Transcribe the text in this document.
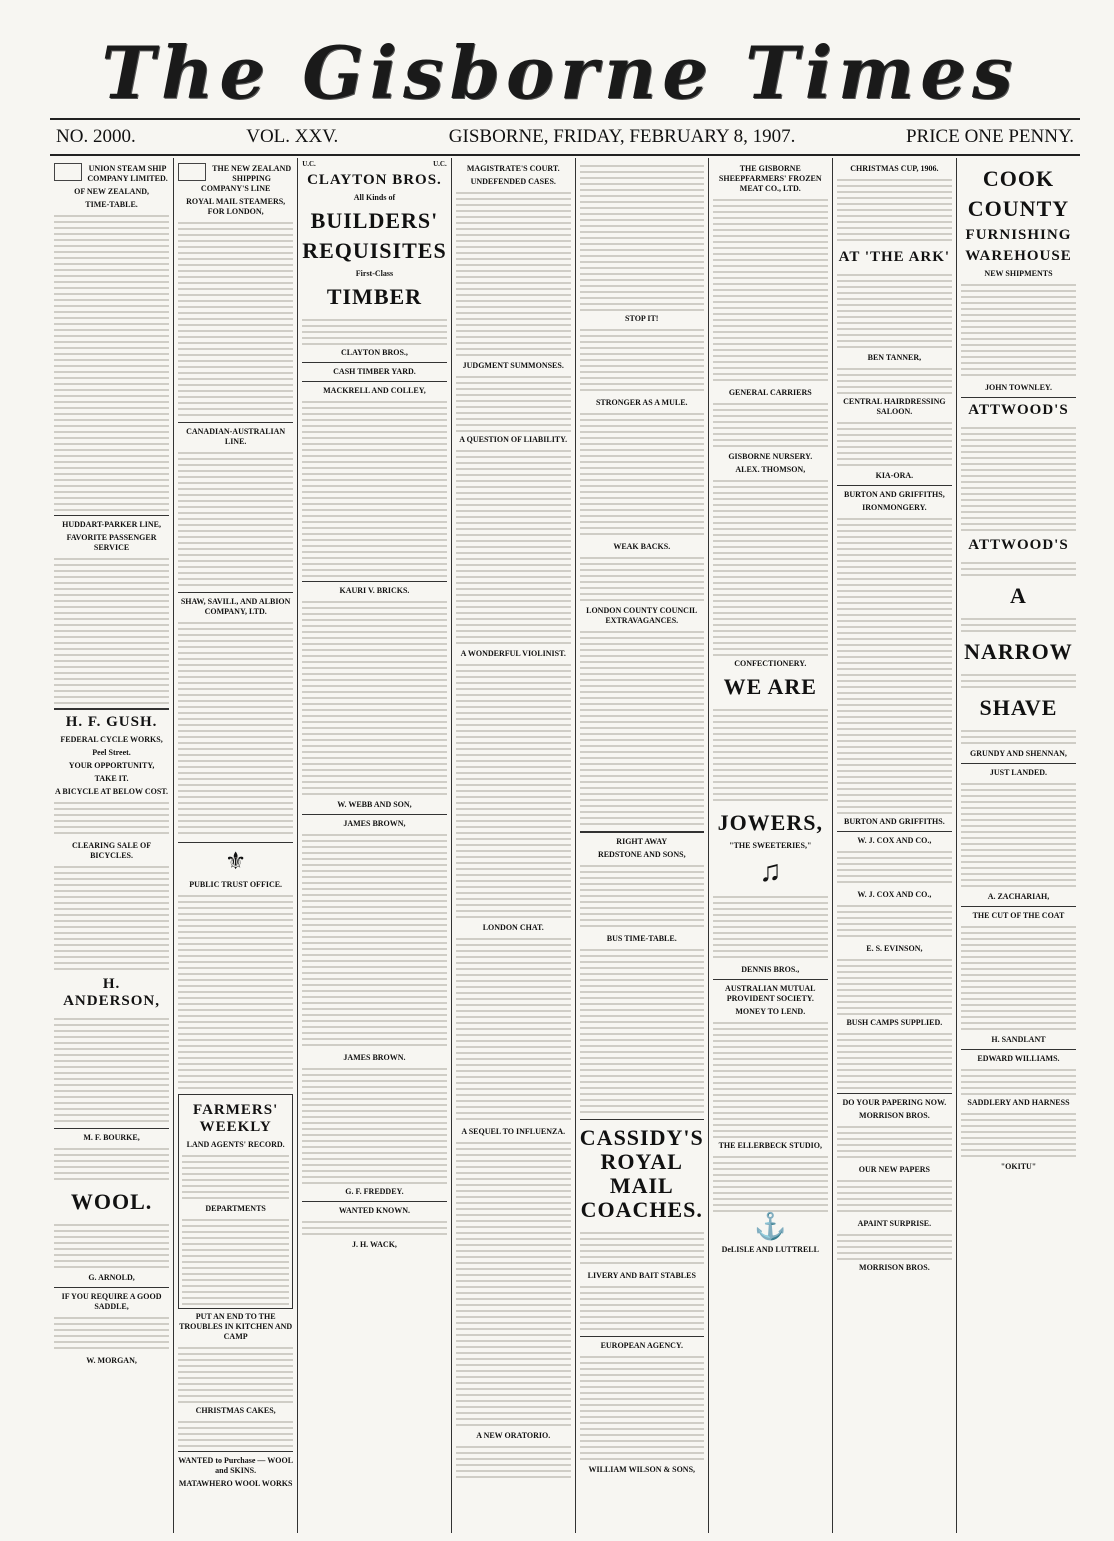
The Gisborne Times
NO. 2000.	VOL. XXV.	GISBORNE, FRIDAY, FEBRUARY 8, 1907.	PRICE ONE PENNY.
UNION STEAM SHIP COMPANY LIMITED.
OF NEW ZEALAND,
TIME-TABLE.
HUDDART-PARKER LINE,
FAVORITE PASSENGER SERVICE
H. F. GUSH.
FEDERAL CYCLE WORKS,
Peel Street.
YOUR OPPORTUNITY,
TAKE IT.
A BICYCLE AT BELOW COST.
CLEARING SALE OF BICYCLES.
H. ANDERSON,
M. F. BOURKE,
WOOL.
G. ARNOLD,
IF YOU REQUIRE A GOOD SADDLE,
W. MORGAN,
THE NEW ZEALAND SHIPPING COMPANY'S LINE
ROYAL MAIL STEAMERS, FOR LONDON,
CANADIAN-AUSTRALIAN LINE.
SHAW, SAVILL, AND ALBION COMPANY, LTD.
⚜
PUBLIC TRUST OFFICE.
FARMERS' WEEKLY
LAND AGENTS' RECORD.
DEPARTMENTS
PUT AN END TO THE TROUBLES IN KITCHEN AND CAMP
CHRISTMAS CAKES,
WANTED to Purchase — WOOL and SKINS.
MATAWHERO WOOL WORKS
U.C.	U.C.
CLAYTON BROS.
All Kinds of
BUILDERS'
REQUISITES
First-Class
TIMBER
CLAYTON BROS.,
CASH TIMBER YARD.
MACKRELL AND COLLEY,
KAURI V. BRICKS.
W. WEBB AND SON,
JAMES BROWN,
JAMES BROWN.
G. F. FREDDEY.
WANTED KNOWN.
J. H. WACK,
MAGISTRATE'S COURT.
UNDEFENDED CASES.
JUDGMENT SUMMONSES.
A QUESTION OF LIABILITY.
A WONDERFUL VIOLINIST.
LONDON CHAT.
A SEQUEL TO INFLUENZA.
A NEW ORATORIO.
STOP IT!
STRONGER AS A MULE.
WEAK BACKS.
LONDON COUNTY COUNCIL EXTRAVAGANCES.
RIGHT AWAY
REDSTONE AND SONS,
BUS TIME-TABLE.
CASSIDY'S ROYAL MAIL COACHES.
LIVERY AND BAIT STABLES
EUROPEAN AGENCY.
WILLIAM WILSON & SONS,
THE GISBORNE SHEEPFARMERS' FROZEN MEAT CO., LTD.
GENERAL CARRIERS
GISBORNE NURSERY.
ALEX. THOMSON,
CONFECTIONERY.
WE ARE
JOWERS,
"THE SWEETERIES,"
♫
DENNIS BROS.,
AUSTRALIAN MUTUAL PROVIDENT SOCIETY.
MONEY TO LEND.
THE ELLERBECK STUDIO,
⚓
DeLISLE AND LUTTRELL
CHRISTMAS CUP, 1906.
AT 'THE ARK'
BEN TANNER,
CENTRAL HAIRDRESSING SALOON.
KIA-ORA.
BURTON AND GRIFFITHS,
IRONMONGERY.
BURTON AND GRIFFITHS.
W. J. COX AND CO.,
W. J. COX AND CO.,
E. S. EVINSON,
BUSH CAMPS SUPPLIED.
DO YOUR PAPERING NOW.
MORRISON BROS.
OUR NEW PAPERS
APAINT SURPRISE.
MORRISON BROS.
COOK
COUNTY
FURNISHING
WAREHOUSE
NEW SHIPMENTS
JOHN TOWNLEY.
ATTWOOD'S
ATTWOOD'S
A
NARROW
SHAVE
GRUNDY AND SHENNAN,
JUST LANDED.
A. ZACHARIAH,
THE CUT OF THE COAT
H. SANDLANT
EDWARD WILLIAMS.
SADDLERY AND HARNESS
"OKITU"
